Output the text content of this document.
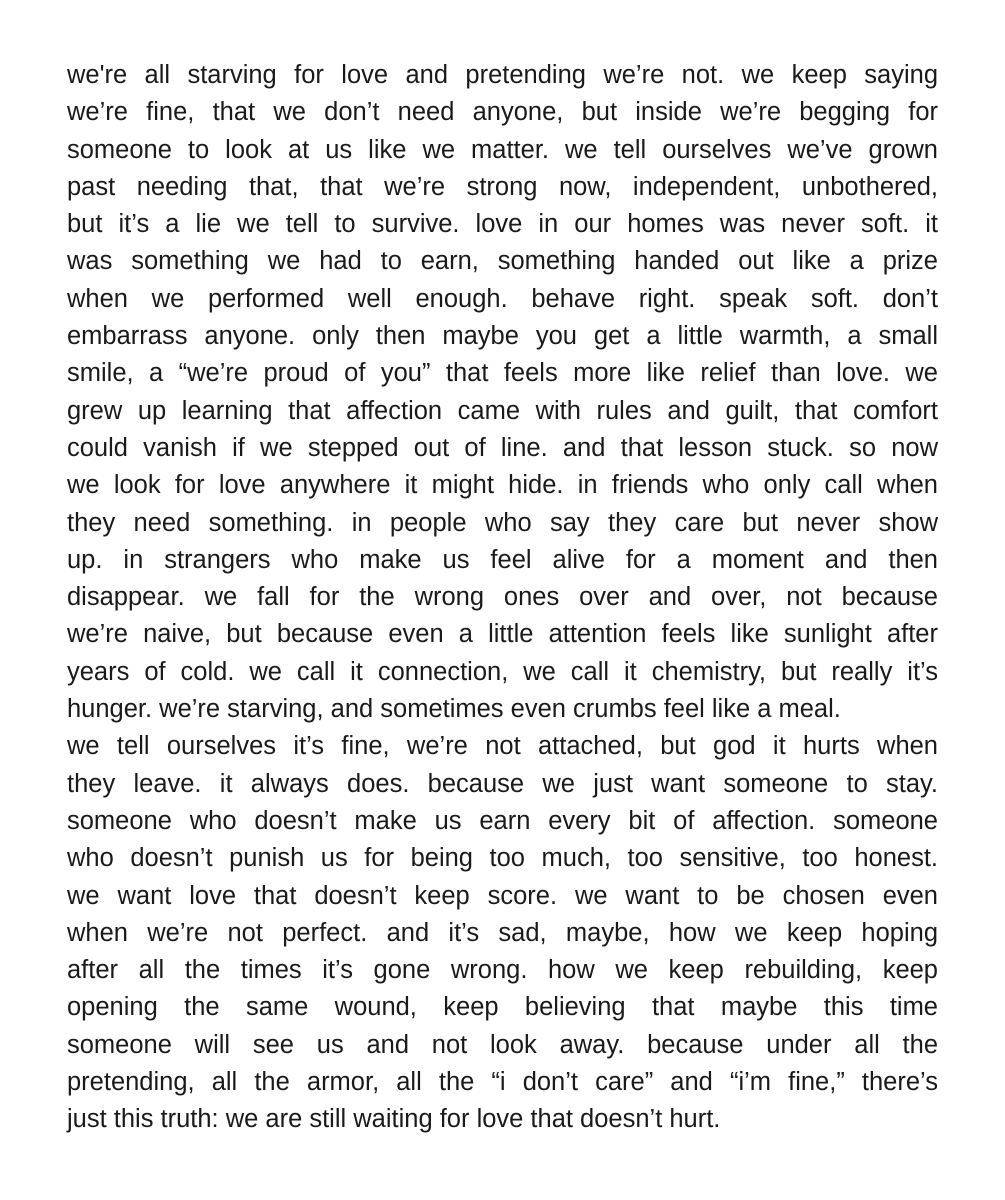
we're all starving for love and pretending we’re not. we keep saying
we’re fine, that we don’t need anyone, but inside we’re begging for
someone to look at us like we matter. we tell ourselves we’ve grown
past needing that, that we’re strong now, independent, unbothered,
but it’s a lie we tell to survive. love in our homes was never soft. it
was something we had to earn, something handed out like a prize
when we performed well enough. behave right. speak soft. don’t
embarrass anyone. only then maybe you get a little warmth, a small
smile, a “we’re proud of you” that feels more like relief than love. we
grew up learning that affection came with rules and guilt, that comfort
could vanish if we stepped out of line. and that lesson stuck. so now
we look for love anywhere it might hide. in friends who only call when
they need something. in people who say they care but never show
up. in strangers who make us feel alive for a moment and then
disappear. we fall for the wrong ones over and over, not because
we’re naive, but because even a little attention feels like sunlight after
years of cold. we call it connection, we call it chemistry, but really it’s
hunger. we’re starving, and sometimes even crumbs feel like a meal.
we tell ourselves it’s fine, we’re not attached, but god it hurts when
they leave. it always does. because we just want someone to stay.
someone who doesn’t make us earn every bit of affection. someone
who doesn’t punish us for being too much, too sensitive, too honest.
we want love that doesn’t keep score. we want to be chosen even
when we’re not perfect. and it’s sad, maybe, how we keep hoping
after all the times it’s gone wrong. how we keep rebuilding, keep
opening the same wound, keep believing that maybe this time
someone will see us and not look away. because under all the
pretending, all the armor, all the “i don’t care” and “i’m fine,” there’s
just this truth: we are still waiting for love that doesn’t hurt.
